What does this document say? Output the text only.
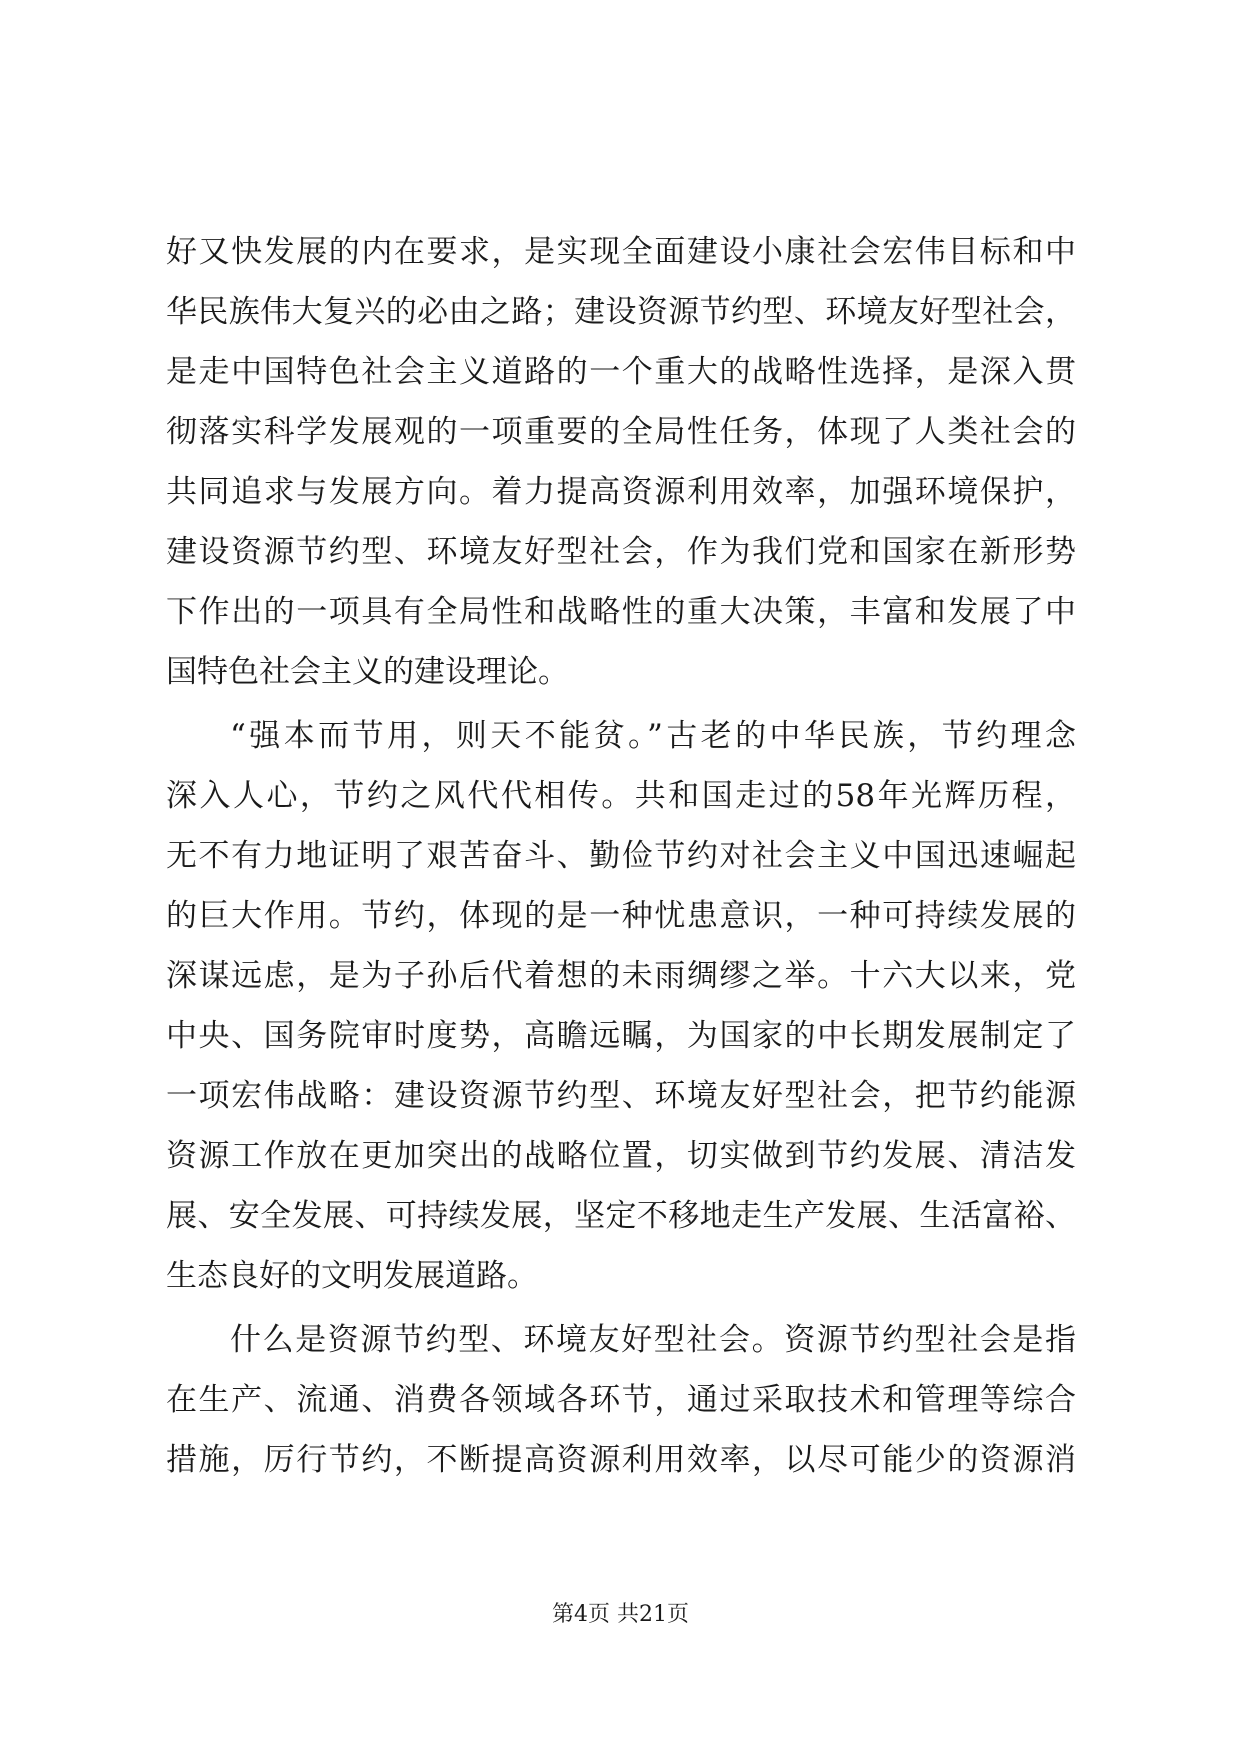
好又快发展的内在要求，是实现全面建设小康社会宏伟目标和中
华民族伟大复兴的必由之路；建设资源节约型、环境友好型社会，
是走中国特色社会主义道路的一个重大的战略性选择，是深入贯
彻落实科学发展观的一项重要的全局性任务，体现了人类社会的
共同追求与发展方向。着力提高资源利用效率，加强环境保护，
建设资源节约型、环境友好型社会，作为我们党和国家在新形势
下作出的一项具有全局性和战略性的重大决策，丰富和发展了中
国特色社会主义的建设理论。
“强本而节用，则天不能贫。”古老的中华民族，节约理念
深入人心，节约之风代代相传。共和国走过的58年光辉历程，
无不有力地证明了艰苦奋斗、勤俭节约对社会主义中国迅速崛起
的巨大作用。节约，体现的是一种忧患意识，一种可持续发展的
深谋远虑，是为子孙后代着想的未雨绸缪之举。十六大以来，党
中央、国务院审时度势，高瞻远瞩，为国家的中长期发展制定了
一项宏伟战略：建设资源节约型、环境友好型社会，把节约能源
资源工作放在更加突出的战略位置，切实做到节约发展、清洁发
展、安全发展、可持续发展，坚定不移地走生产发展、生活富裕、
生态良好的文明发展道路。
什么是资源节约型、环境友好型社会。资源节约型社会是指
在生产、流通、消费各领域各环节，通过采取技术和管理等综合
措施，厉行节约，不断提高资源利用效率，以尽可能少的资源消
第4页 共21页
